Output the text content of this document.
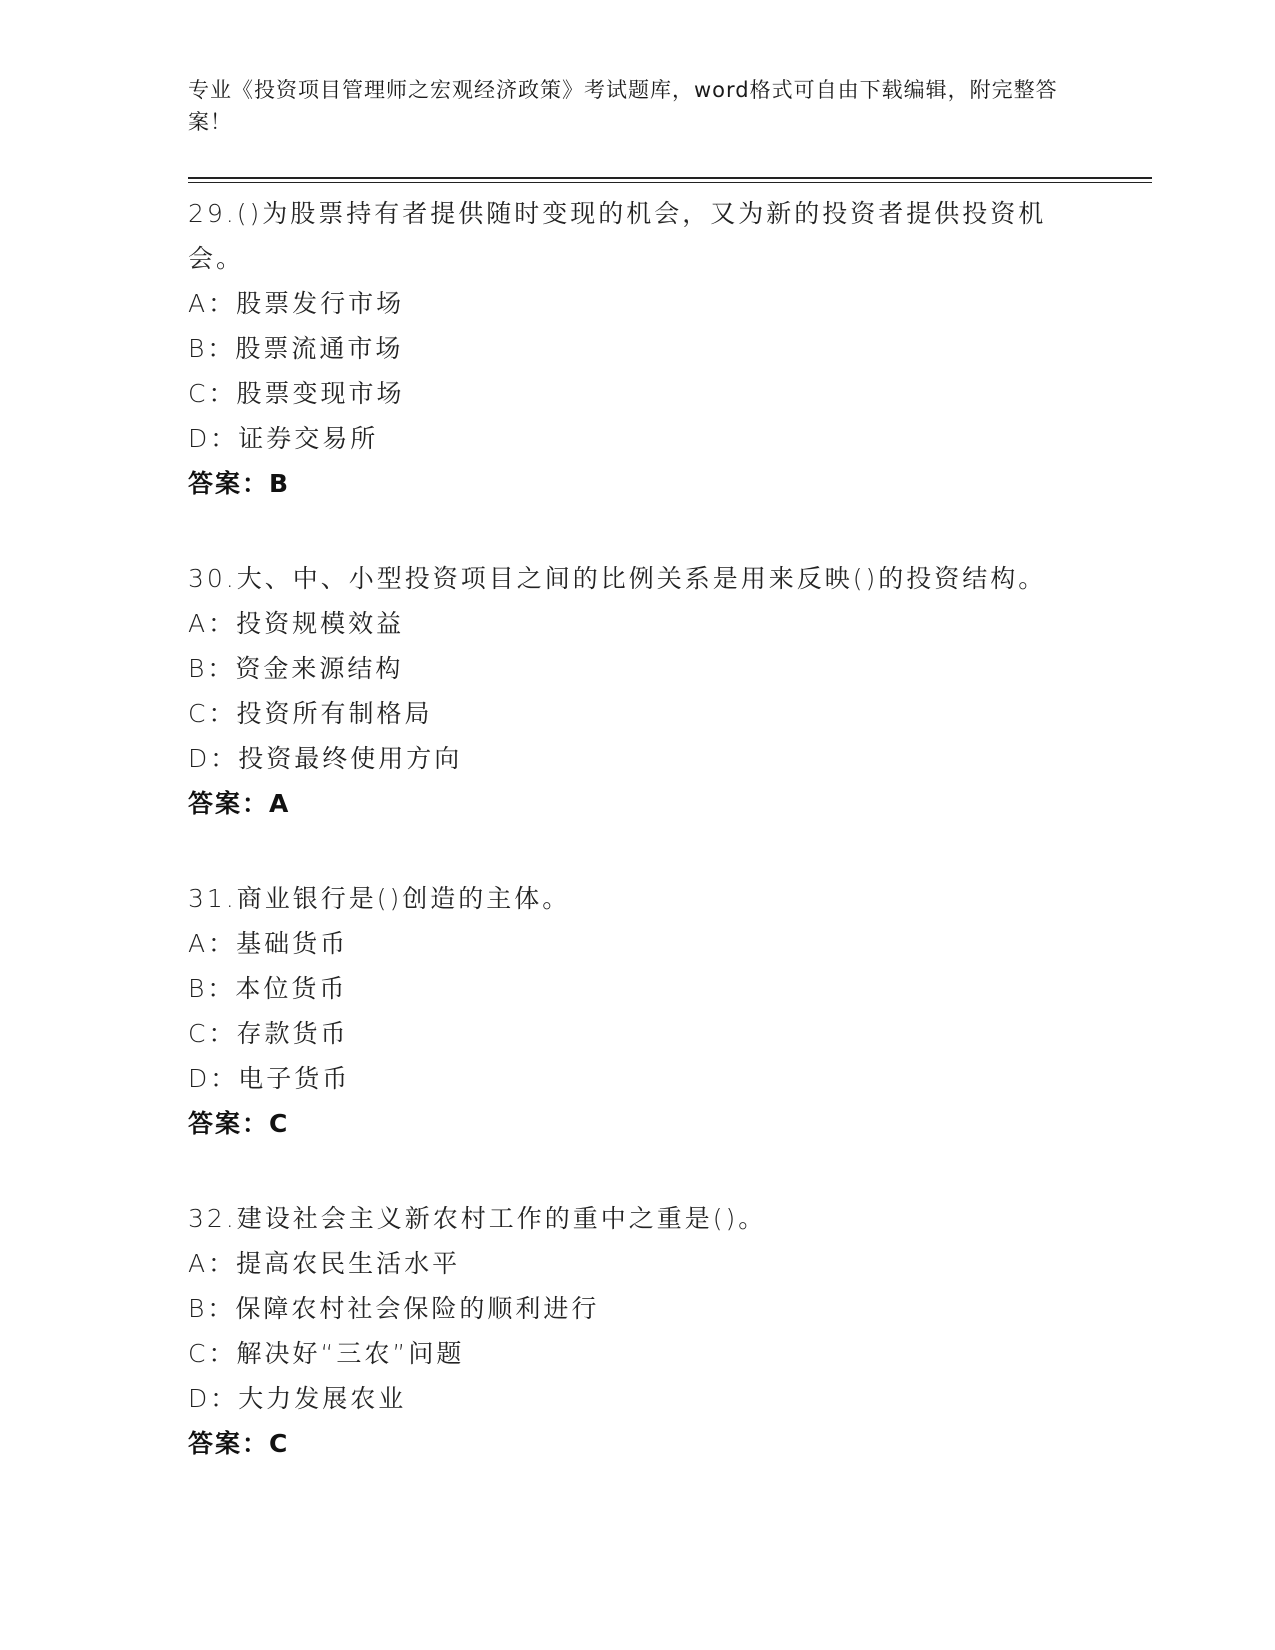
专业《投资项目管理师之宏观经济政策》考试题库，word格式可自由下载编辑，附完整答案！
29.()为股票持有者提供随时变现的机会，又为新的投资者提供投资机会。
A：股票发行市场
B：股票流通市场
C：股票变现市场
D：证券交易所
答案：B
30.大、中、小型投资项目之间的比例关系是用来反映()的投资结构。
A：投资规模效益
B：资金来源结构
C：投资所有制格局
D：投资最终使用方向
答案：A
31.商业银行是()创造的主体。
A：基础货币
B：本位货币
C：存款货币
D：电子货币
答案：C
32.建设社会主义新农村工作的重中之重是()。
A：提高农民生活水平
B：保障农村社会保险的顺利进行
C：解决好“三农”问题
D：大力发展农业
答案：C
